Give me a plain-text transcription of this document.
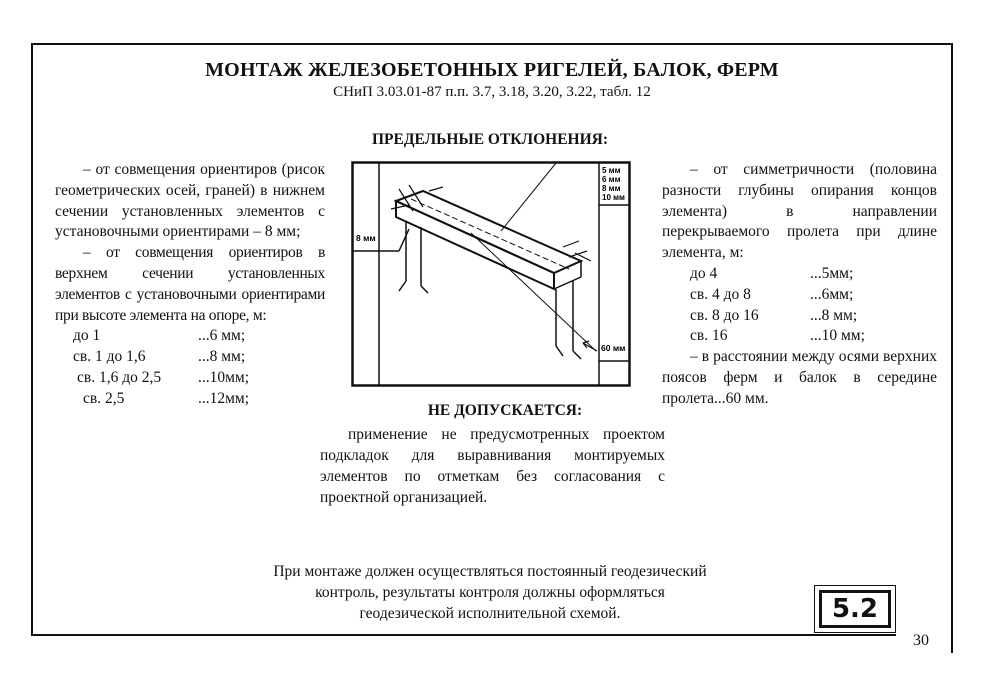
МОНТАЖ ЖЕЛЕЗОБЕТОННЫХ РИГЕЛЕЙ, БАЛОК, ФЕРМ
СНиП 3.03.01-87 п.п. 3.7, 3.18, 3.20, 3.22, табл. 12
ПРЕДЕЛЬНЫЕ ОТКЛОНЕНИЯ:
– от совмещения ориентиров (рисок геометрических осей, граней) в нижнем сечении установленных элементов с установочными ориентирами – 8 мм;
– от совмещения ориентиров в верхнем сечении установленных элементов с установочными ориентирами при высоте элемента на опоре, м:
до 1	...6 мм;
св. 1 до 1,6	...8 мм;
св. 1,6 до 2,5	...10мм;
св. 2,5	...12мм;
– от симметричности (половина разности глубины опирания концов элемента) в направлении перекрываемого пролета при длине элемента, м:
до 4	...5мм;
св. 4 до 8	...6мм;
св. 8 до 16	...8 мм;
св. 16	...10 мм;
– в расстоянии между осями верхних поясов ферм и балок в середине пролета...60 мм.
8 мм
5 мм
6 мм
8 мм
10 мм
60 мм
НЕ ДОПУСКАЕТСЯ:
применение не предусмотренных проектом подкладок для выравнивания монтируемых элементов по отметкам без согласования с проектной организацией.
При монтаже должен осуществляться постоянный геодезический контроль, результаты контроля должны оформляться геодезической исполнительной схемой.	5.2
30
